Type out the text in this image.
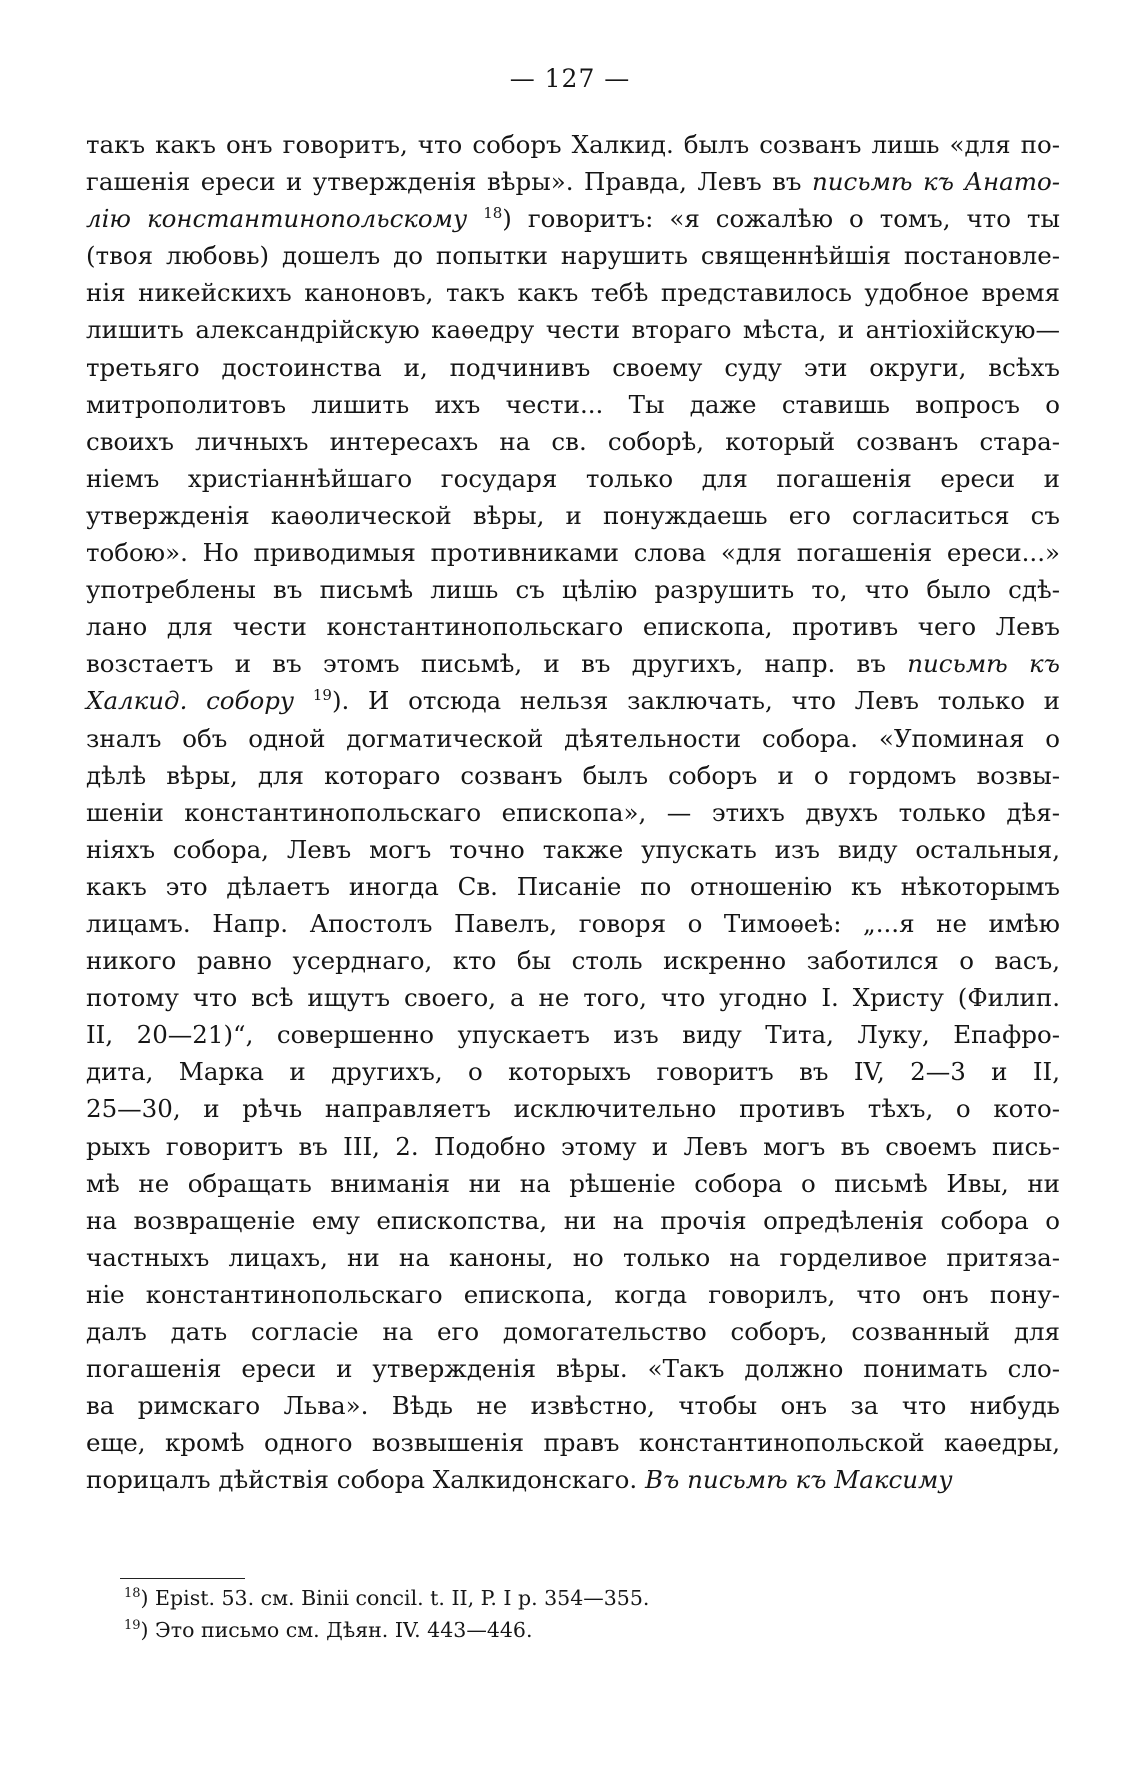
— 127 —
такъ какъ онъ говоритъ, что соборъ Халкид. былъ созванъ лишь «для по-
гашенія ереси и утвержденія вѣры». Правда, Левъ въ письмѣ къ Анато-
лію константинопольскому $^{18}$) говоритъ: «я сожалѣю о томъ, что ты
(твоя любовь) дошелъ до попытки нарушить священнѣйшія постановле-
нія никейскихъ каноновъ, такъ какъ тебѣ представилось удобное время
лишить александрійскую каѳедру чести втораго мѣста, и антіохійскую—
третьяго достоинства и, подчинивъ своему суду эти округи, всѣхъ
митрополитовъ лишить ихъ чести... Ты даже ставишь вопросъ о
своихъ личныхъ интересахъ на св. соборѣ, который созванъ стара-
ніемъ христіаннѣйшаго государя только для погашенія ереси и
утвержденія каѳолической вѣры, и понуждаешь его согласиться съ
тобою». Но приводимыя противниками слова «для погашенія ереси...»
употреблены въ письмѣ лишь съ цѣлію разрушить то, что было сдѣ-
лано для чести константинопольскаго епископа, противъ чего Левъ
возстаетъ и въ этомъ письмѣ, и въ другихъ, напр. въ письмѣ къ
Халкид. собору $^{19}$). И отсюда нельзя заключать, что Левъ только и
зналъ объ одной догматической дѣятельности собора. «Упоминая о
дѣлѣ вѣры, для котораго созванъ былъ соборъ и о гордомъ возвы-
шеніи константинопольскаго епископа», — этихъ двухъ только дѣя-
ніяхъ собора, Левъ могъ точно также упускать изъ виду остальныя,
какъ это дѣлаетъ иногда Св. Писаніе по отношенію къ нѣкоторымъ
лицамъ. Напр. Апостолъ Павелъ, говоря о Тимоѳеѣ: „...я не имѣю
никого равно усерднаго, кто бы столь искренно заботился о васъ,
потому что всѣ ищутъ своего, а не того, что угодно І. Христу (Филип.
II, 20—21)“, совершенно упускаетъ изъ виду Тита, Луку, Епафро-
дита, Марка и другихъ, о которыхъ говоритъ въ IV, 2—3 и II,
25—30, и рѣчь направляетъ исключительно противъ тѣхъ, о кото-
рыхъ говоритъ въ III, 2. Подобно этому и Левъ могъ въ своемъ пись-
мѣ не обращать вниманія ни на рѣшеніе собора о письмѣ Ивы, ни
на возвращеніе ему епископства, ни на прочія опредѣленія собора о
частныхъ лицахъ, ни на каноны, но только на горделивое притяза-
ніе константинопольскаго епископа, когда говорилъ, что онъ пону-
далъ дать согласіе на его домогательство соборъ, созванный для
погашенія ереси и утвержденія вѣры. «Такъ должно понимать сло-
ва римскаго Льва». Вѣдь не извѣстно, чтобы онъ за что нибудь
еще, кромѣ одного возвышенія правъ константинопольской каѳедры,
порицалъ дѣйствія собора Халкидонскаго. Въ письмѣ къ Максиму
$^{18}$) Epist. 53. см. Binii concil. t. II, P. I p. 354—355.
$^{19}$) Это письмо см. Дѣян. IV. 443—446.
